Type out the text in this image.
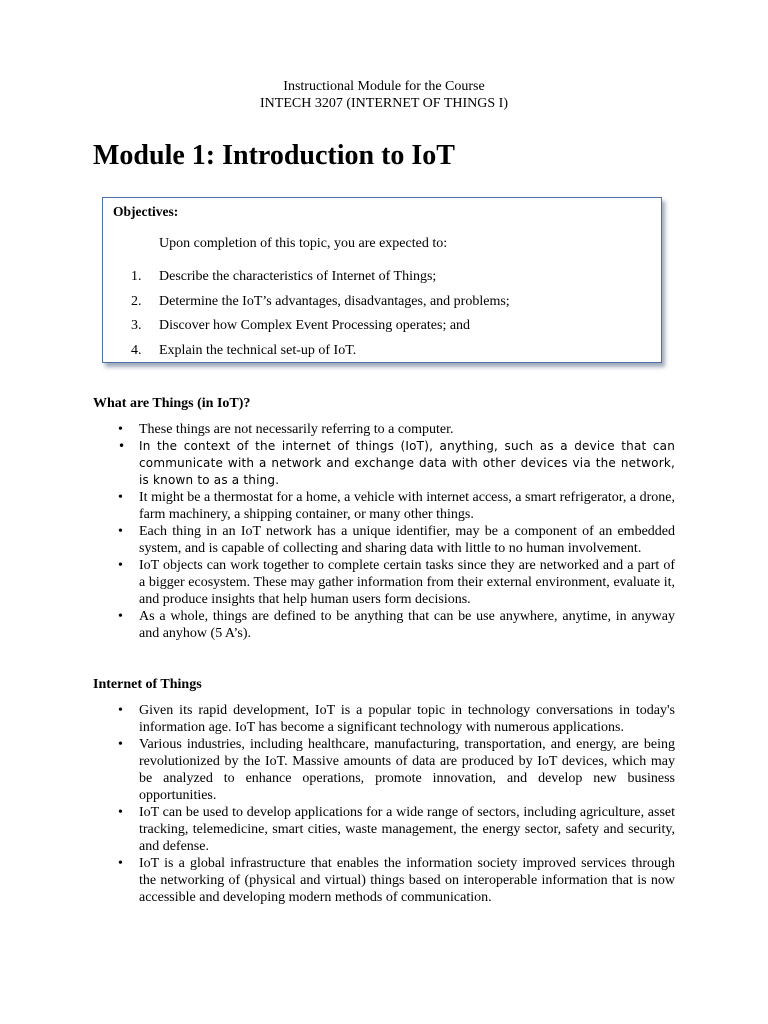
Instructional Module for the Course
INTECH 3207 (INTERNET OF THINGS I)
Module 1: Introduction to IoT
Objectives:
Upon completion of this topic, you are expected to:
1. Describe the characteristics of Internet of Things;
2. Determine the IoT’s advantages, disadvantages, and problems;
3. Discover how Complex Event Processing operates; and
4. Explain the technical set-up of IoT.
What are Things (in IoT)?
• These things are not necessarily referring to a computer.
• In the context of the internet of things (IoT), anything, such as a device that can communicate with a network and exchange data with other devices via the network, is known to as a thing.
• It might be a thermostat for a home, a vehicle with internet access, a smart refrigerator, a drone, farm machinery, a shipping container, or many other things.
• Each thing in an IoT network has a unique identifier, may be a component of an embedded system, and is capable of collecting and sharing data with little to no human involvement.
• IoT objects can work together to complete certain tasks since they are networked and a part of a bigger ecosystem. These may gather information from their external environment, evaluate it, and produce insights that help human users form decisions.
• As a whole, things are defined to be anything that can be use anywhere, anytime, in anyway and anyhow (5 A’s).
Internet of Things
• Given its rapid development, IoT is a popular topic in technology conversations in today's information age. IoT has become a significant technology with numerous applications.
• Various industries, including healthcare, manufacturing, transportation, and energy, are being revolutionized by the IoT. Massive amounts of data are produced by IoT devices, which may be analyzed to enhance operations, promote innovation, and develop new business opportunities.
• IoT can be used to develop applications for a wide range of sectors, including agriculture, asset tracking, telemedicine, smart cities, waste management, the energy sector, safety and security, and defense.
• IoT is a global infrastructure that enables the information society improved services through the networking of (physical and virtual) things based on interoperable information that is now accessible and developing modern methods of communication.
